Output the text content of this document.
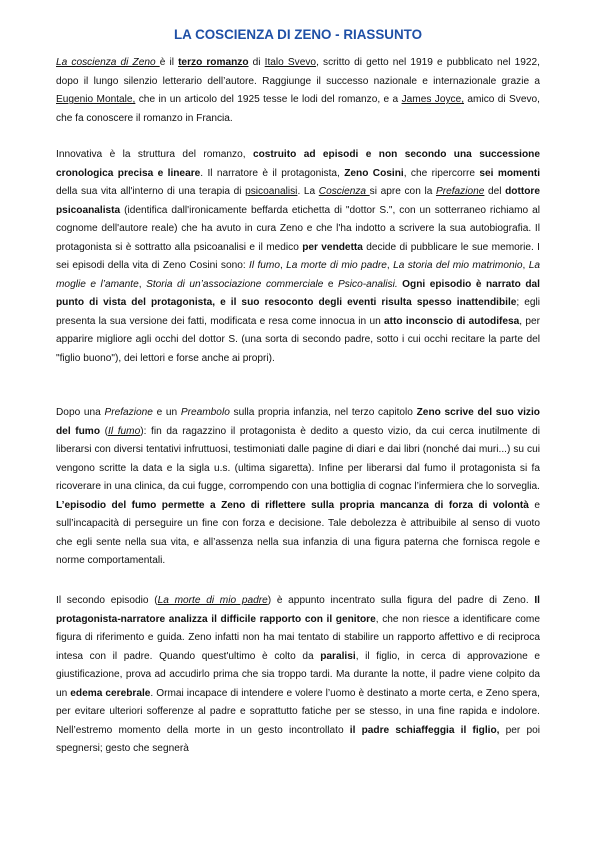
LA COSCIENZA DI ZENO - RIASSUNTO

La coscienza di Zeno è il terzo romanzo di Italo Svevo, scritto di getto nel 1919 e pubblicato nel 1922, dopo il lungo silenzio letterario dell’autore. Raggiunge il successo nazionale e internazionale grazie a Eugenio Montale, che in un articolo del 1925 tesse le lodi del romanzo, e a James Joyce, amico di Svevo, che fa conoscere il romanzo in Francia.

Innovativa è la struttura del romanzo, costruito ad episodi e non secondo una successione cronologica precisa e lineare. Il narratore è il protagonista, Zeno Cosini, che ripercorre sei momenti della sua vita all'interno di una terapia di psicoanalisi. La Coscienza si apre con la Prefazione del dottore psicoanalista (identifica dall'ironicamente beffarda etichetta di "dottor S.", con un sotterraneo richiamo al cognome dell'autore reale) che ha avuto in cura Zeno e che l'ha indotto a scrivere la sua autobiografia. Il protagonista si è sottratto alla psicoanalisi e il medico per vendetta decide di pubblicare le sue memorie. I sei episodi della vita di Zeno Cosini sono: Il fumo, La morte di mio padre, La storia del mio matrimonio, La moglie e l’amante, Storia di un’associazione commerciale e Psico-analisi. Ogni episodio è narrato dal punto di vista del protagonista, e il suo resoconto degli eventi risulta spesso inattendibile; egli presenta la sua versione dei fatti, modificata e resa come innocua in un atto inconscio di autodifesa, per apparire migliore agli occhi del dottor S. (una sorta di secondo padre, sotto i cui occhi recitare la parte del "figlio buono"), dei lettori e forse anche ai propri).

Dopo una Prefazione e un Preambolo sulla propria infanzia, nel terzo capitolo Zeno scrive del suo vizio del fumo (Il fumo): fin da ragazzino il protagonista è dedito a questo vizio, da cui cerca inutilmente di liberarsi con diversi tentativi infruttuosi, testimoniati dalle pagine di diari e dai libri (nonché dai muri...) su cui vengono scritte la data e la sigla u.s. (ultima sigaretta). Infine per liberarsi dal fumo il protagonista si fa ricoverare in una clinica, da cui fugge, corrompendo con una bottiglia di cognac l’infermiera che lo sorveglia. L’episodio del fumo permette a Zeno di riflettere sulla propria mancanza di forza di volontà e sull’incapacità di perseguire un fine con forza e decisione. Tale debolezza è attribuibile al senso di vuoto che egli sente nella sua vita, e all’assenza nella sua infanzia di una figura paterna che fornisca regole e norme comportamentali.

Il secondo episodio (La morte di mio padre) è appunto incentrato sulla figura del padre di Zeno. Il protagonista-narratore analizza il difficile rapporto con il genitore, che non riesce a identificare come figura di riferimento e guida. Zeno infatti non ha mai tentato di stabilire un rapporto affettivo e di reciproca intesa con il padre. Quando quest'ultimo è colto da paralisi, il figlio, in cerca di approvazione e giustificazione, prova ad accudirlo prima che sia troppo tardi. Ma durante la notte, il padre viene colpito da un edema cerebrale. Ormai incapace di intendere e volere l’uomo è destinato a morte certa, e Zeno spera, per evitare ulteriori sofferenze al padre e soprattutto fatiche per se stesso, in una fine rapida e indolore. Nell’estremo momento della morte in un gesto incontrollato il padre schiaffeggia il figlio, per poi spegnersi; gesto che segnerà
